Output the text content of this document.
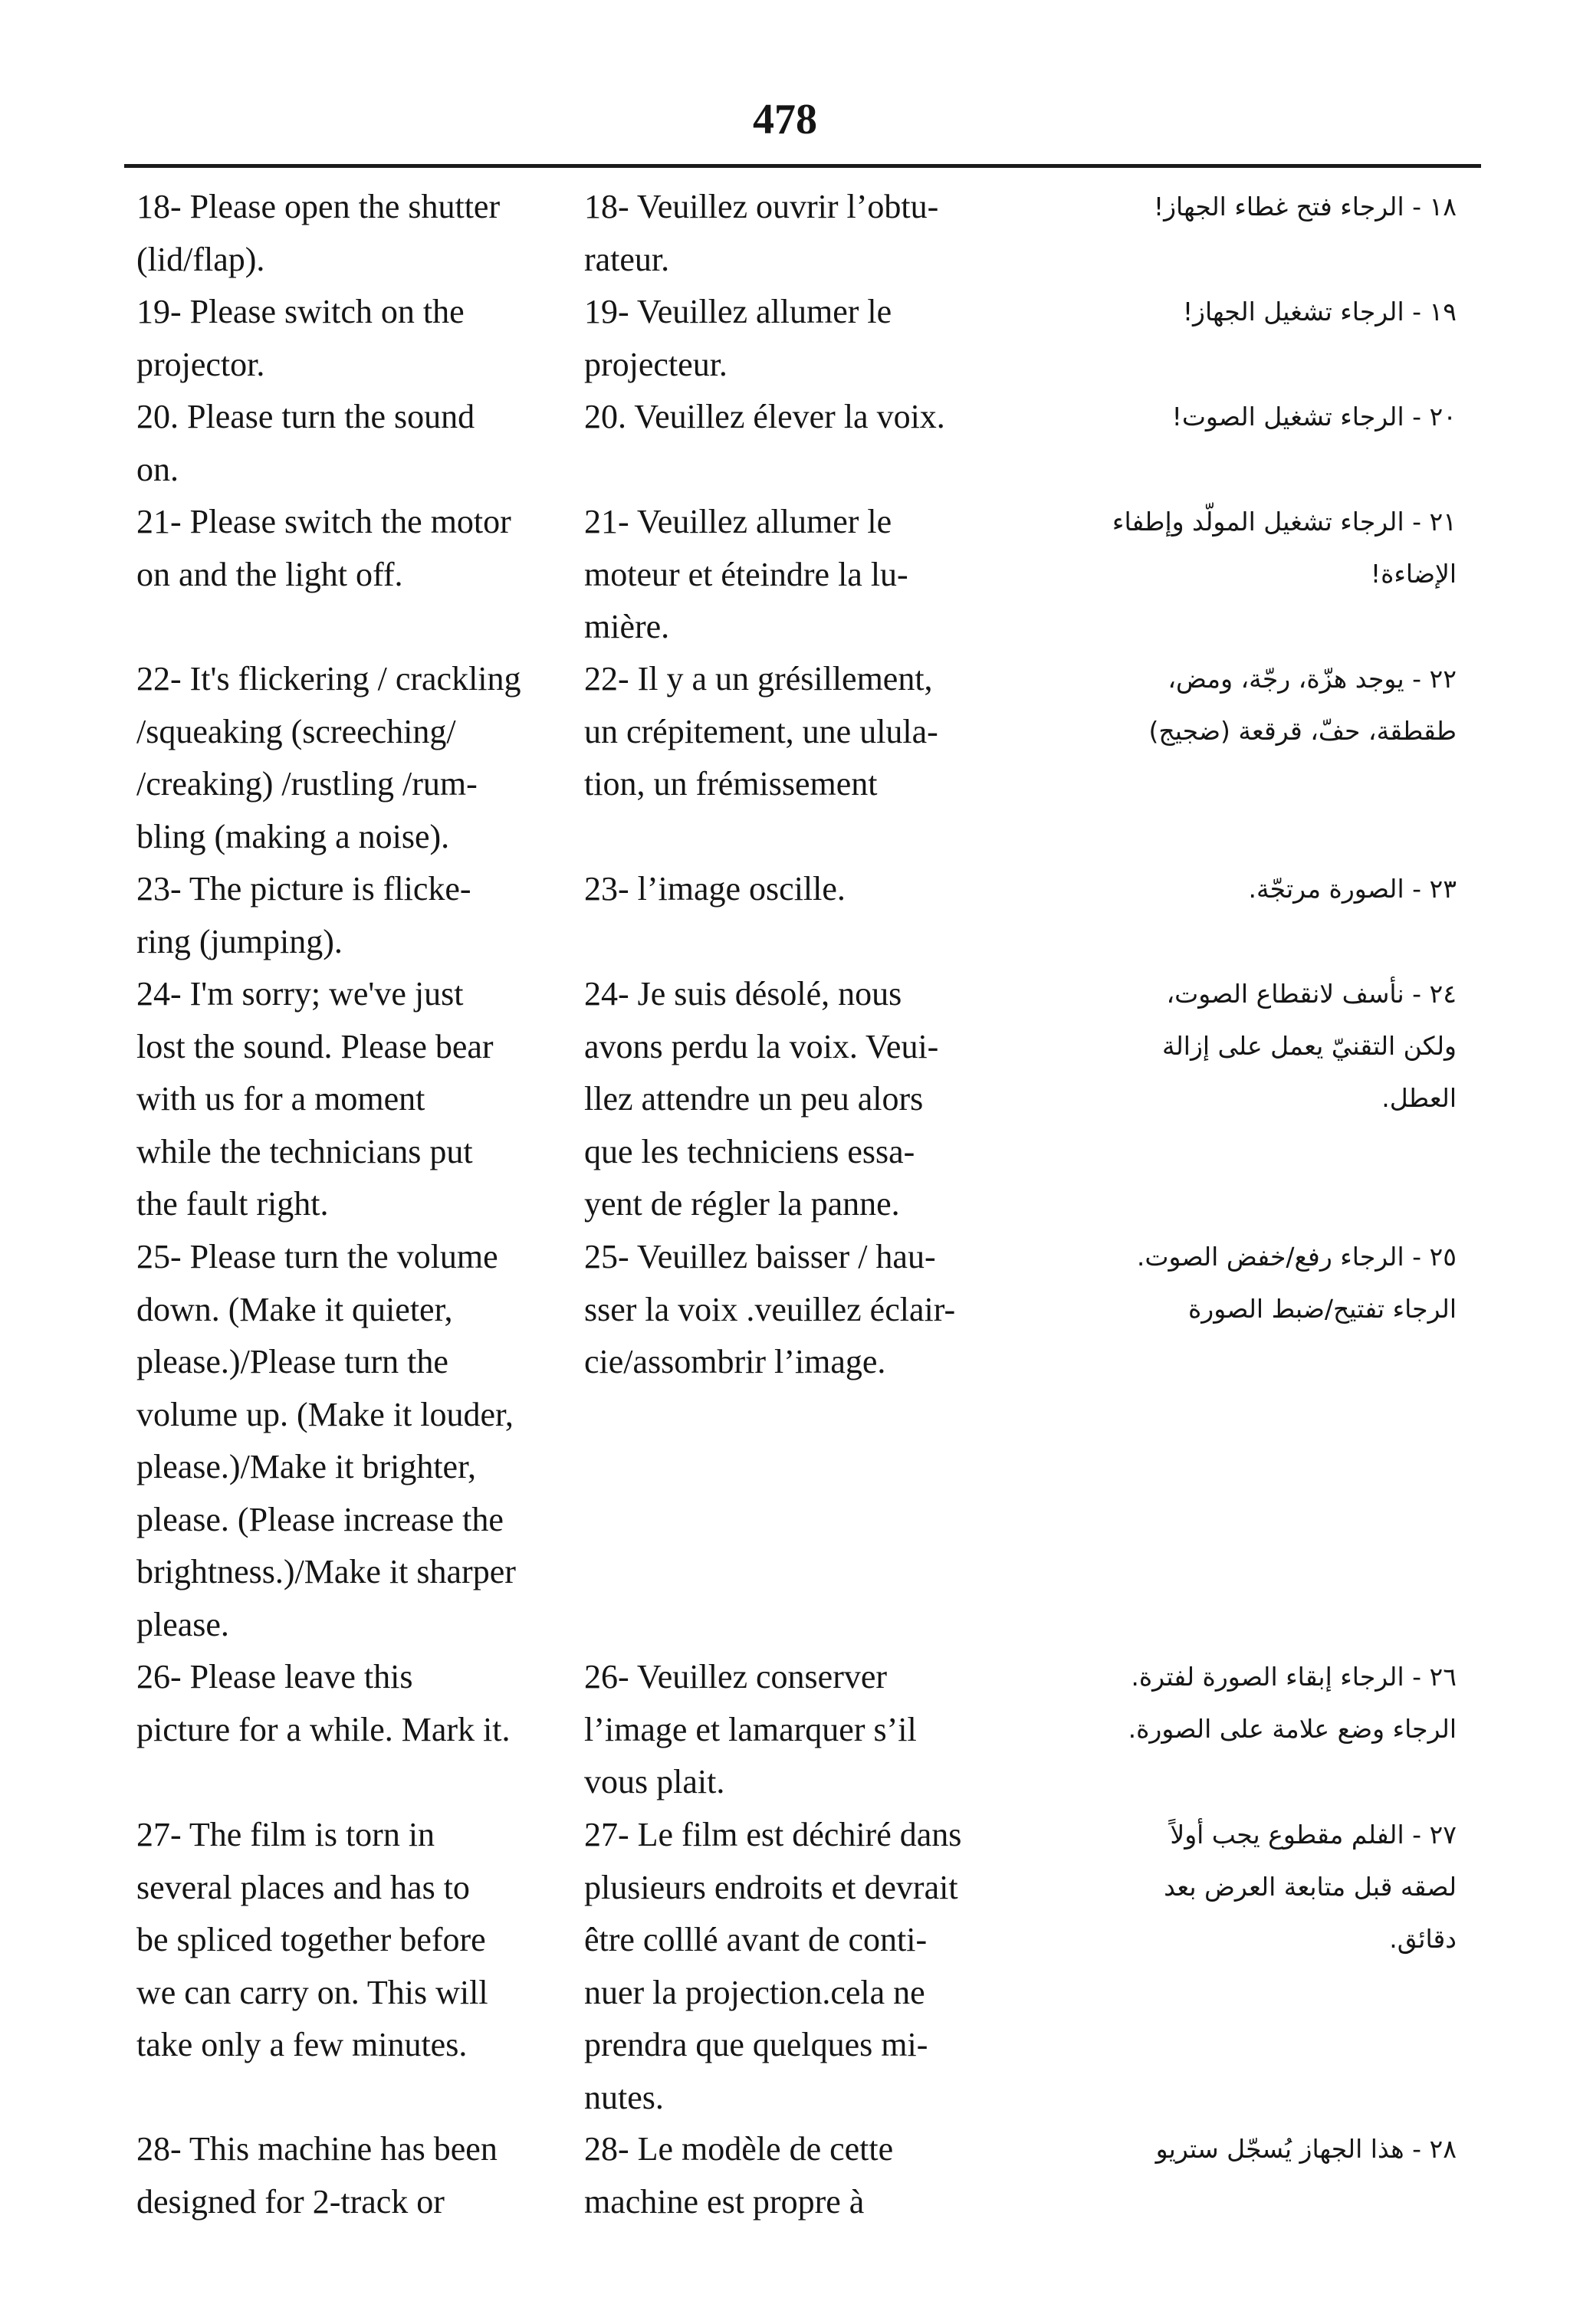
478
18- Please open the shutter
(lid/flap).
18- Veuillez ouvrir l’obtu-
rateur.
١٨ - الرجاء فتح غطاء الجهاز!
19- Please switch on the
projector.
19- Veuillez allumer le
projecteur.
١٩ - الرجاء تشغيل الجهاز!
20. Please turn the sound
on.
20. Veuillez élever la voix.	٢٠ - الرجاء تشغيل الصوت!
21- Please switch the motor
on and the light off.
21- Veuillez allumer le
moteur et éteindre la lu-
mière.
٢١ - الرجاء تشغيل المولّد وإطفاء
الإضاءة!
22- It's flickering / crackling
/squeaking (screeching/
/creaking) /rustling /rum-
bling (making a noise).
22- Il y a un grésillement,
un crépitement, une ulula-
tion, un frémissement
٢٢ - يوجد هزّة، رجّة، ومض،
طقطقة، حفّ، قرقعة (ضجيج)
23- The picture is flicke-
ring (jumping).
23- l’image oscille.	٢٣ - الصورة مرتجّة.
24- I'm sorry; we've just
lost the sound. Please bear
with us for a moment
while the technicians put
the fault right.
24- Je suis désolé, nous
avons perdu la voix. Veui-
llez attendre un peu alors
que les techniciens essa-
yent de régler la panne.
٢٤ - نأسف لانقطاع الصوت،
ولكن التقنيّ يعمل على إزالة
العطل.
25- Please turn the volume
down. (Make it quieter,
please.)/Please turn the
volume up. (Make it louder,
please.)/Make it brighter,
please. (Please increase the
brightness.)/Make it sharper
please.
25- Veuillez baisser / hau-
sser la voix .veuillez éclair-
cie/assombrir l’image.
٢٥ - الرجاء رفع/خفض الصوت.
الرجاء تفتيح/ضبط الصورة
26- Please leave this
picture for a while. Mark it.
26- Veuillez conserver
l’image et lamarquer s’il
vous plait.
٢٦ - الرجاء إبقاء الصورة لفترة.
الرجاء وضع علامة على الصورة.
27- The film is torn in
several places and has to
be spliced together before
we can carry on. This will
take only a few minutes.
27- Le film est déchiré dans
plusieurs endroits et devrait
être colllé avant de conti-
nuer la projection.cela ne
prendra que quelques mi-
nutes.
٢٧ - الفلم مقطوع يجب أولاً
لصقه قبل متابعة العرض بعد
دقائق.
28- This machine has been
designed for 2-track or
28- Le modèle de cette
machine est propre à
٢٨ - هذا الجهاز يُسجّل ستريو
